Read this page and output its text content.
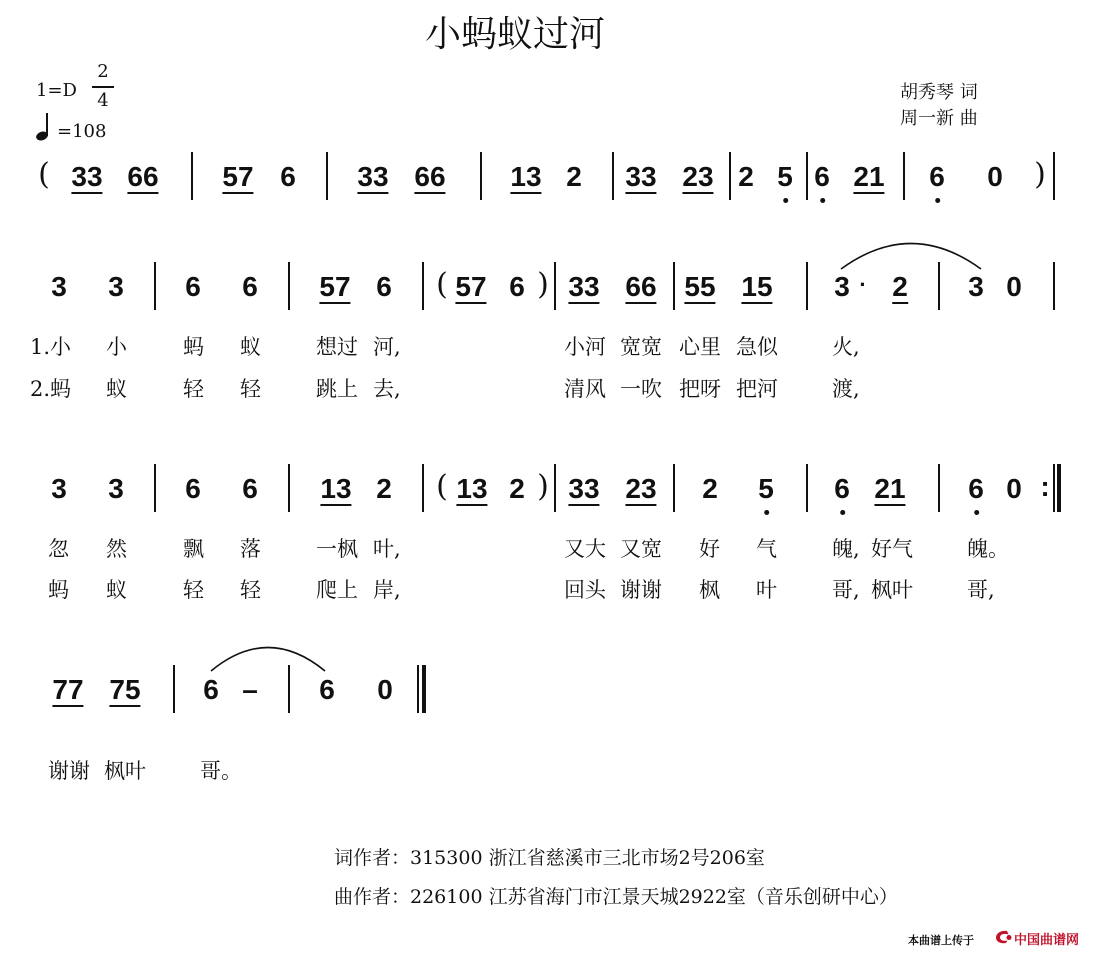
小蚂蚁过河
1=D
2
4
=108
胡秀琴 词
周一新 曲
( 33 66 57 6 33 66 13 2 33 23 2 5 6 21 6 0 )
3 3 6 6 57 6 ( 57 6 ) 33 66 55 15 3 · 2 3 0
1.小 小	蚂 蚁	想过 河,	小河 宽宽 心里 急似	火,
2.蚂 蚁	轻 轻	跳上 去,	清风 一吹 把呀 把河	渡,
3 3 6 6 13 2 ( 13 2 ) 33 23 2 5 6 21 6 0 :
忽 然	飘 落	一枫 叶,	又大 又宽 好 气	魄, 好气	魄。
蚂 蚁	轻 轻	爬上 岸,	回头 谢谢 枫 叶	哥, 枫叶	哥,
77 75 6 – 6 0
谢谢 枫叶	哥。
词作者：315300 浙江省慈溪市三北市场2号206室
曲作者：226100 江苏省海门市江景天城2922室（音乐创研中心）
本曲谱上传于	中国曲谱网
